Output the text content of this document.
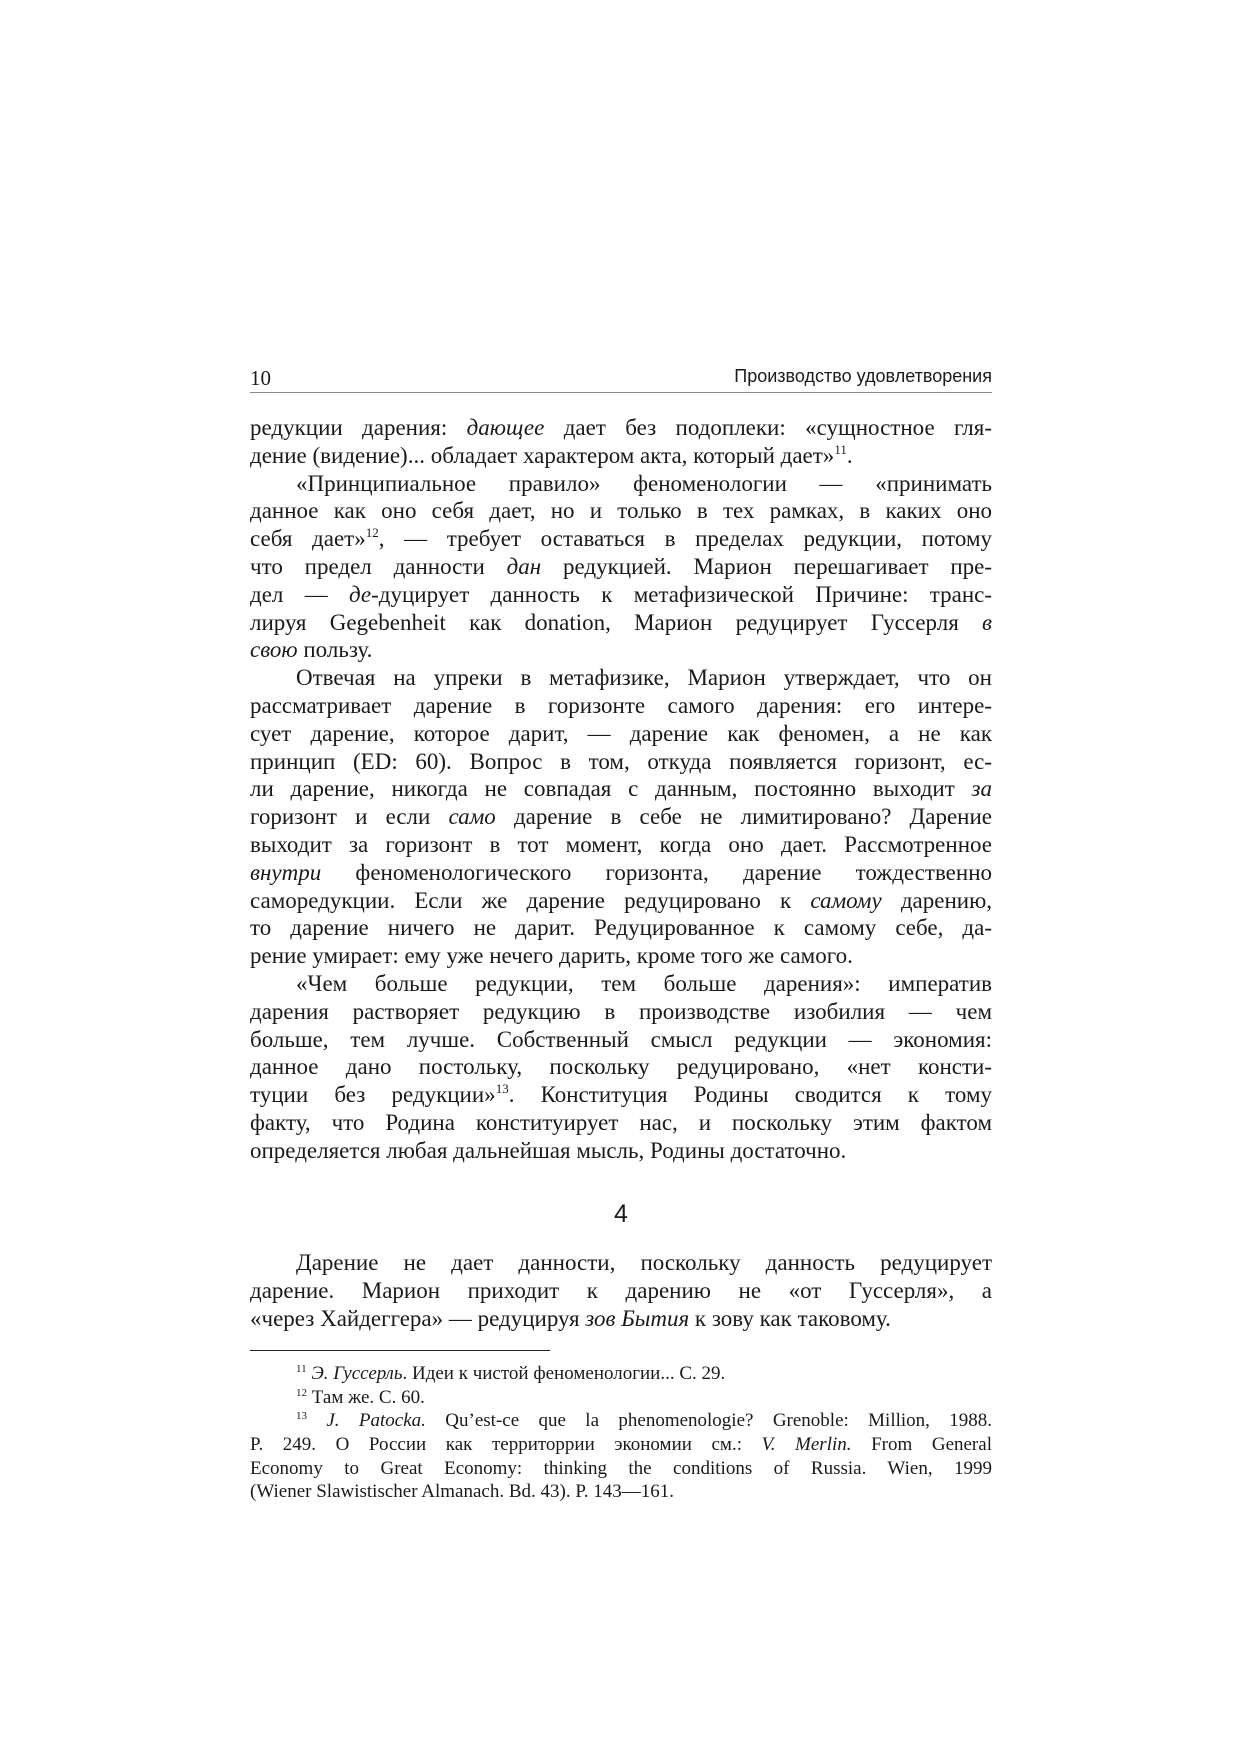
10	Производство удовлетворения
редукции дарения: дающее дает без подоплеки: «сущностное гля-
дение (видение)... обладает характером акта, который дает»$^{11}$.
«Принципиальное правило» феноменологии — «принимать
данное как оно себя дает, но и только в тех рамках, в каких оно
себя дает»$^{12}$, — требует оставаться в пределах редукции, потому
что предел данности дан редукцией. Марион перешагивает пре-
дел — де-дуцирует данность к метафизической Причине: транс-
лируя Gegebenheit как donation, Марион редуцирует Гуссерля в
свою пользу.
Отвечая на упреки в метафизике, Марион утверждает, что он
рассматривает дарение в горизонте самого дарения: его интере-
сует дарение, которое дарит, — дарение как феномен, а не как
принцип (ED: 60). Вопрос в том, откуда появляется горизонт, ес-
ли дарение, никогда не совпадая с данным, постоянно выходит за
горизонт и если само дарение в себе не лимитировано? Дарение
выходит за горизонт в тот момент, когда оно дает. Рассмотренное
внутри феноменологического горизонта, дарение тождественно
саморедукции. Если же дарение редуцировано к самому дарению,
то дарение ничего не дарит. Редуцированное к самому себе, да-
рение умирает: ему уже нечего дарить, кроме того же самого.
«Чем больше редукции, тем больше дарения»: императив
дарения растворяет редукцию в производстве изобилия — чем
больше, тем лучше. Собственный смысл редукции — экономия:
данное дано постольку, поскольку редуцировано, «нет консти-
туции без редукции»$^{13}$. Конституция Родины сводится к тому
факту, что Родина конституирует нас, и поскольку этим фактом
определяется любая дальнейшая мысль, Родины достаточно.
4
Дарение не дает данности, поскольку данность редуцирует
дарение. Марион приходит к дарению не «от Гуссерля», а
«через Хайдеггера» — редуцируя зов Бытия к зову как таковому.
$^{11}$ Э. Гуссерль. Идеи к чистой феноменологии... С. 29.
$^{12}$ Там же. С. 60.
$^{13}$ J. Patocka. Qu’est-ce que la phenomenologie? Grenoble: Million, 1988.
P. 249. О России как территоррии экономии см.: V. Merlin. From General
Economy to Great Economy: thinking the conditions of Russia. Wien, 1999
(Wiener Slawistischer Almanach. Bd. 43). P. 143—161.
